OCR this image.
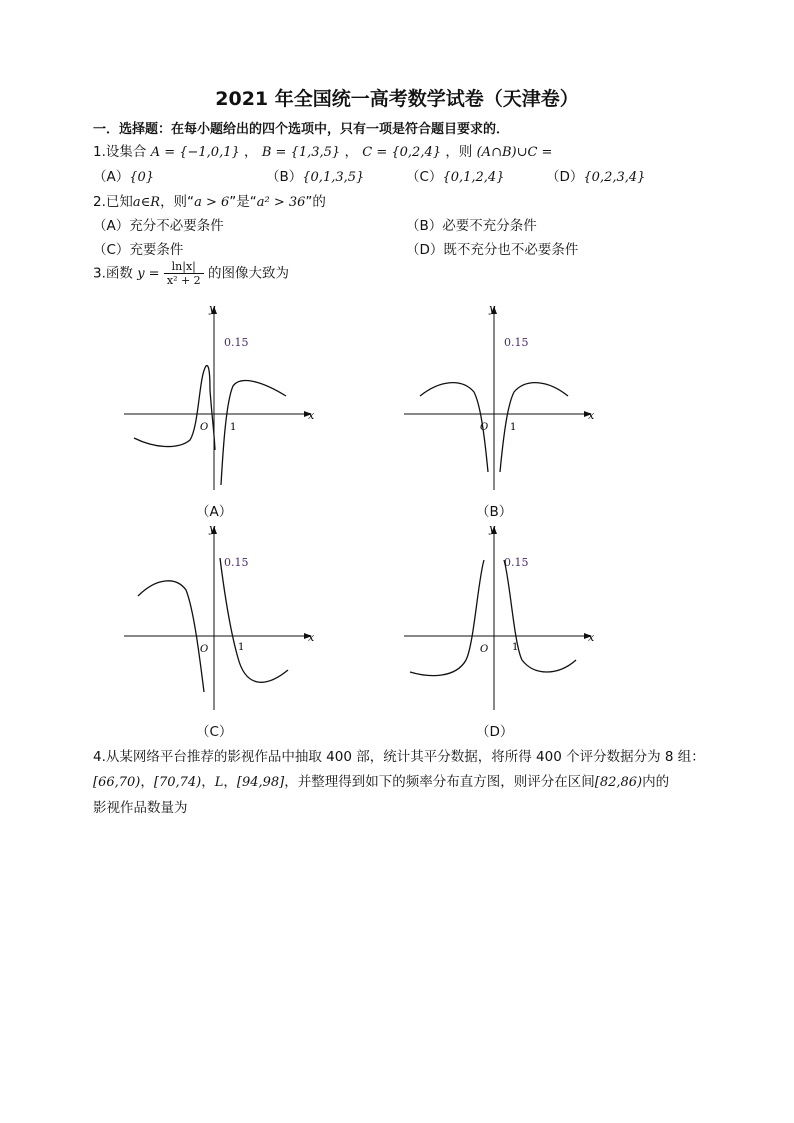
2021 年全国统一高考数学试卷（天津卷）
一．选择题：在每小题给出的四个选项中，只有一项是符合题目要求的．
1.设集合 A = {−1,0,1} ， B = {1,3,5} ， C = {0,2,4} ，则 (A∩B)∪C =
（A）{0}	（B）{0,1,3,5}	（C）{0,1,2,4}	（D）{0,2,3,4}
2.已知a∈R，则“a > 6”是“a² > 36”的
（A）充分不必要条件	（B）必要不充分条件
（C）充要条件	（D）既不充分也不必要条件
3.函数 $y = \frac{\ln|x|}{\text{x² + 2}}$ 的图像大致为
y
x
O 1
0.15
（A）
y
x
O 1
0.15
（B）
y
x
O	1
0.15
（C）
y
x
O 1
0.15
（D）
4.从某网络平台推荐的影视作品中抽取 400 部，统计其平分数据，将所得 400 个评分数据分为 8 组：
[66,70)，[70,74)，L，[94,98]，并整理得到如下的频率分布直方图，则评分在区间[82,86)内的
影视作品数量为
